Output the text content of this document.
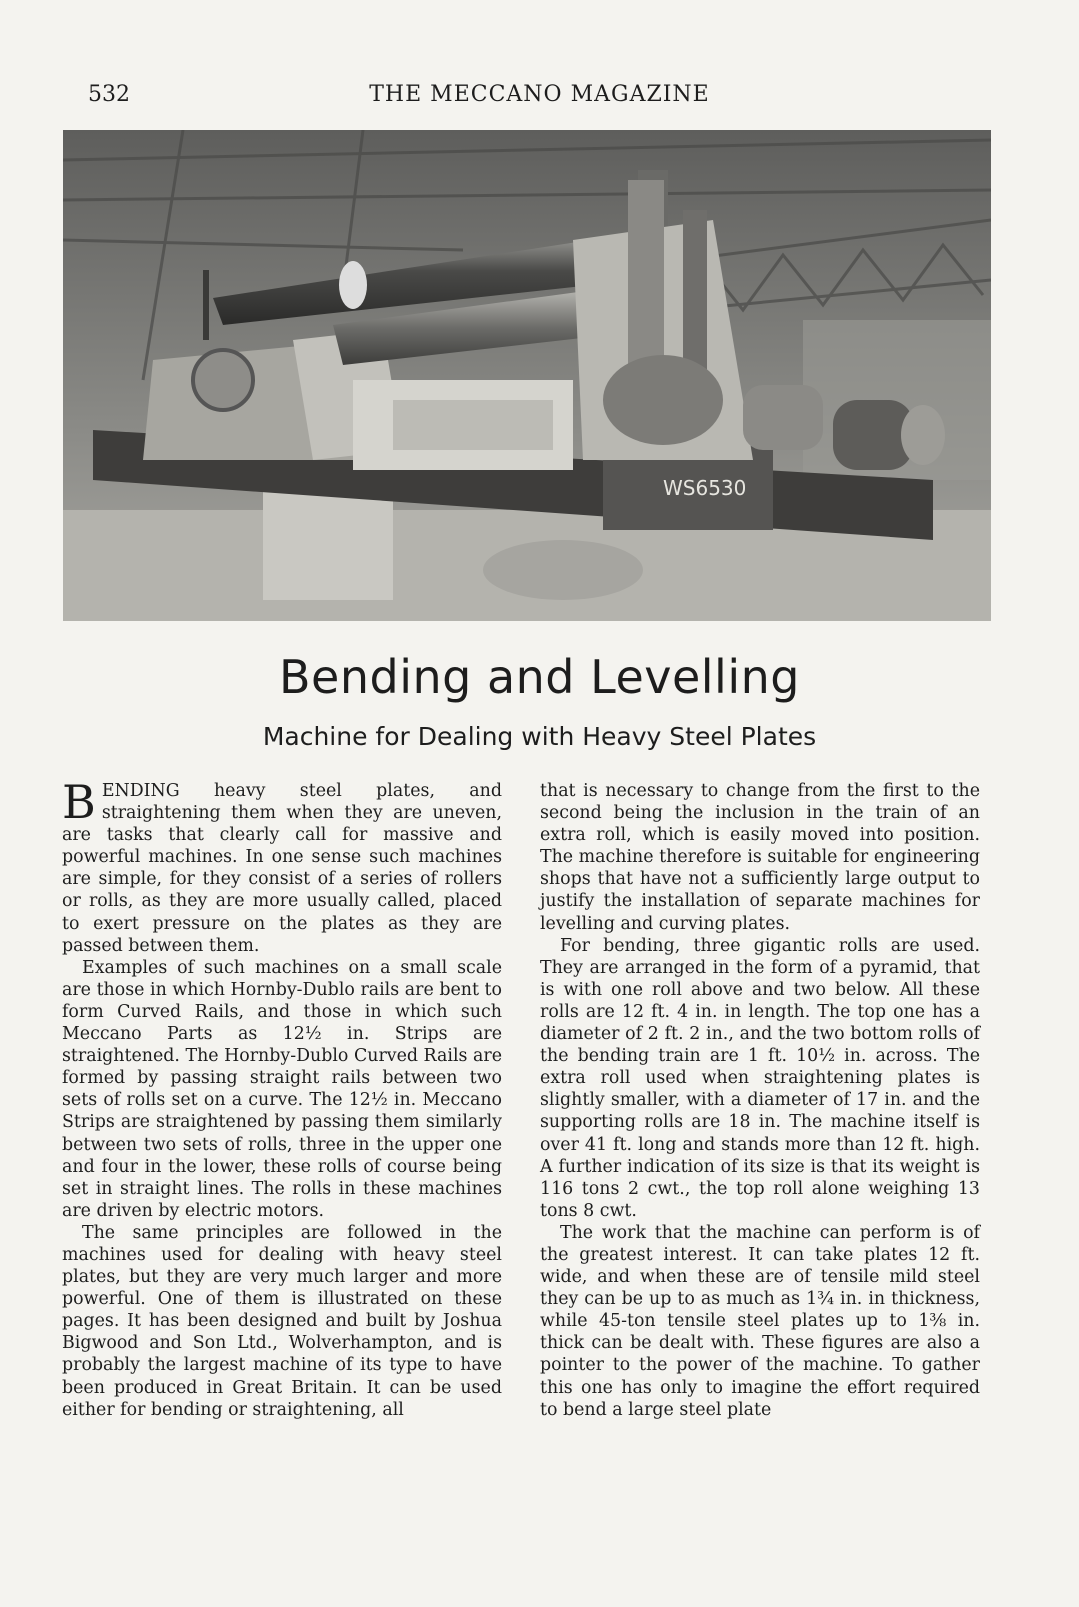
532	THE MECCANO MAGAZINE
WS6530
Bending and Levelling
Machine for Dealing with Heavy Steel Plates

BENDING heavy steel plates, and straightening them when they are uneven, are tasks that clearly call for massive and powerful machines. In one sense such machines are simple, for they consist of a series of rollers or rolls, as they are more usually called, placed to exert pressure on the plates as they are passed between them.

Examples of such machines on a small scale are those in which Hornby-Dublo rails are bent to form Curved Rails, and those in which such Meccano Parts as 12½ in. Strips are straightened. The Hornby-Dublo Curved Rails are formed by passing straight rails between two sets of rolls set on a curve. The 12½ in. Meccano Strips are straightened by passing them similarly between two sets of rolls, three in the upper one and four in the lower, these rolls of course being set in straight lines. The rolls in these machines are driven by electric motors.

The same principles are followed in the machines used for dealing with heavy steel plates, but they are very much larger and more powerful. One of them is illustrated on these pages. It has been designed and built by Joshua Bigwood and Son Ltd., Wolverhampton, and is probably the largest machine of its type to have been produced in Great Britain. It can be used either for bending or straightening, all

that is necessary to change from the first to the second being the inclusion in the train of an extra roll, which is easily moved into position. The machine therefore is suitable for engineering shops that have not a sufficiently large output to justify the installation of separate machines for levelling and curving plates.

For bending, three gigantic rolls are used. They are arranged in the form of a pyramid, that is with one roll above and two below. All these rolls are 12 ft. 4 in. in length. The top one has a diameter of 2 ft. 2 in., and the two bottom rolls of the bending train are 1 ft. 10½ in. across. The extra roll used when straightening plates is slightly smaller, with a diameter of 17 in. and the supporting rolls are 18 in. The machine itself is over 41 ft. long and stands more than 12 ft. high. A further indication of its size is that its weight is 116 tons 2 cwt., the top roll alone weighing 13 tons 8 cwt.

The work that the machine can perform is of the greatest interest. It can take plates 12 ft. wide, and when these are of tensile mild steel they can be up to as much as 1¾ in. in thickness, while 45-ton tensile steel plates up to 1⅜ in. thick can be dealt with. These figures are also a pointer to the power of the machine. To gather this one has only to imagine the effort required to bend a large steel plate
